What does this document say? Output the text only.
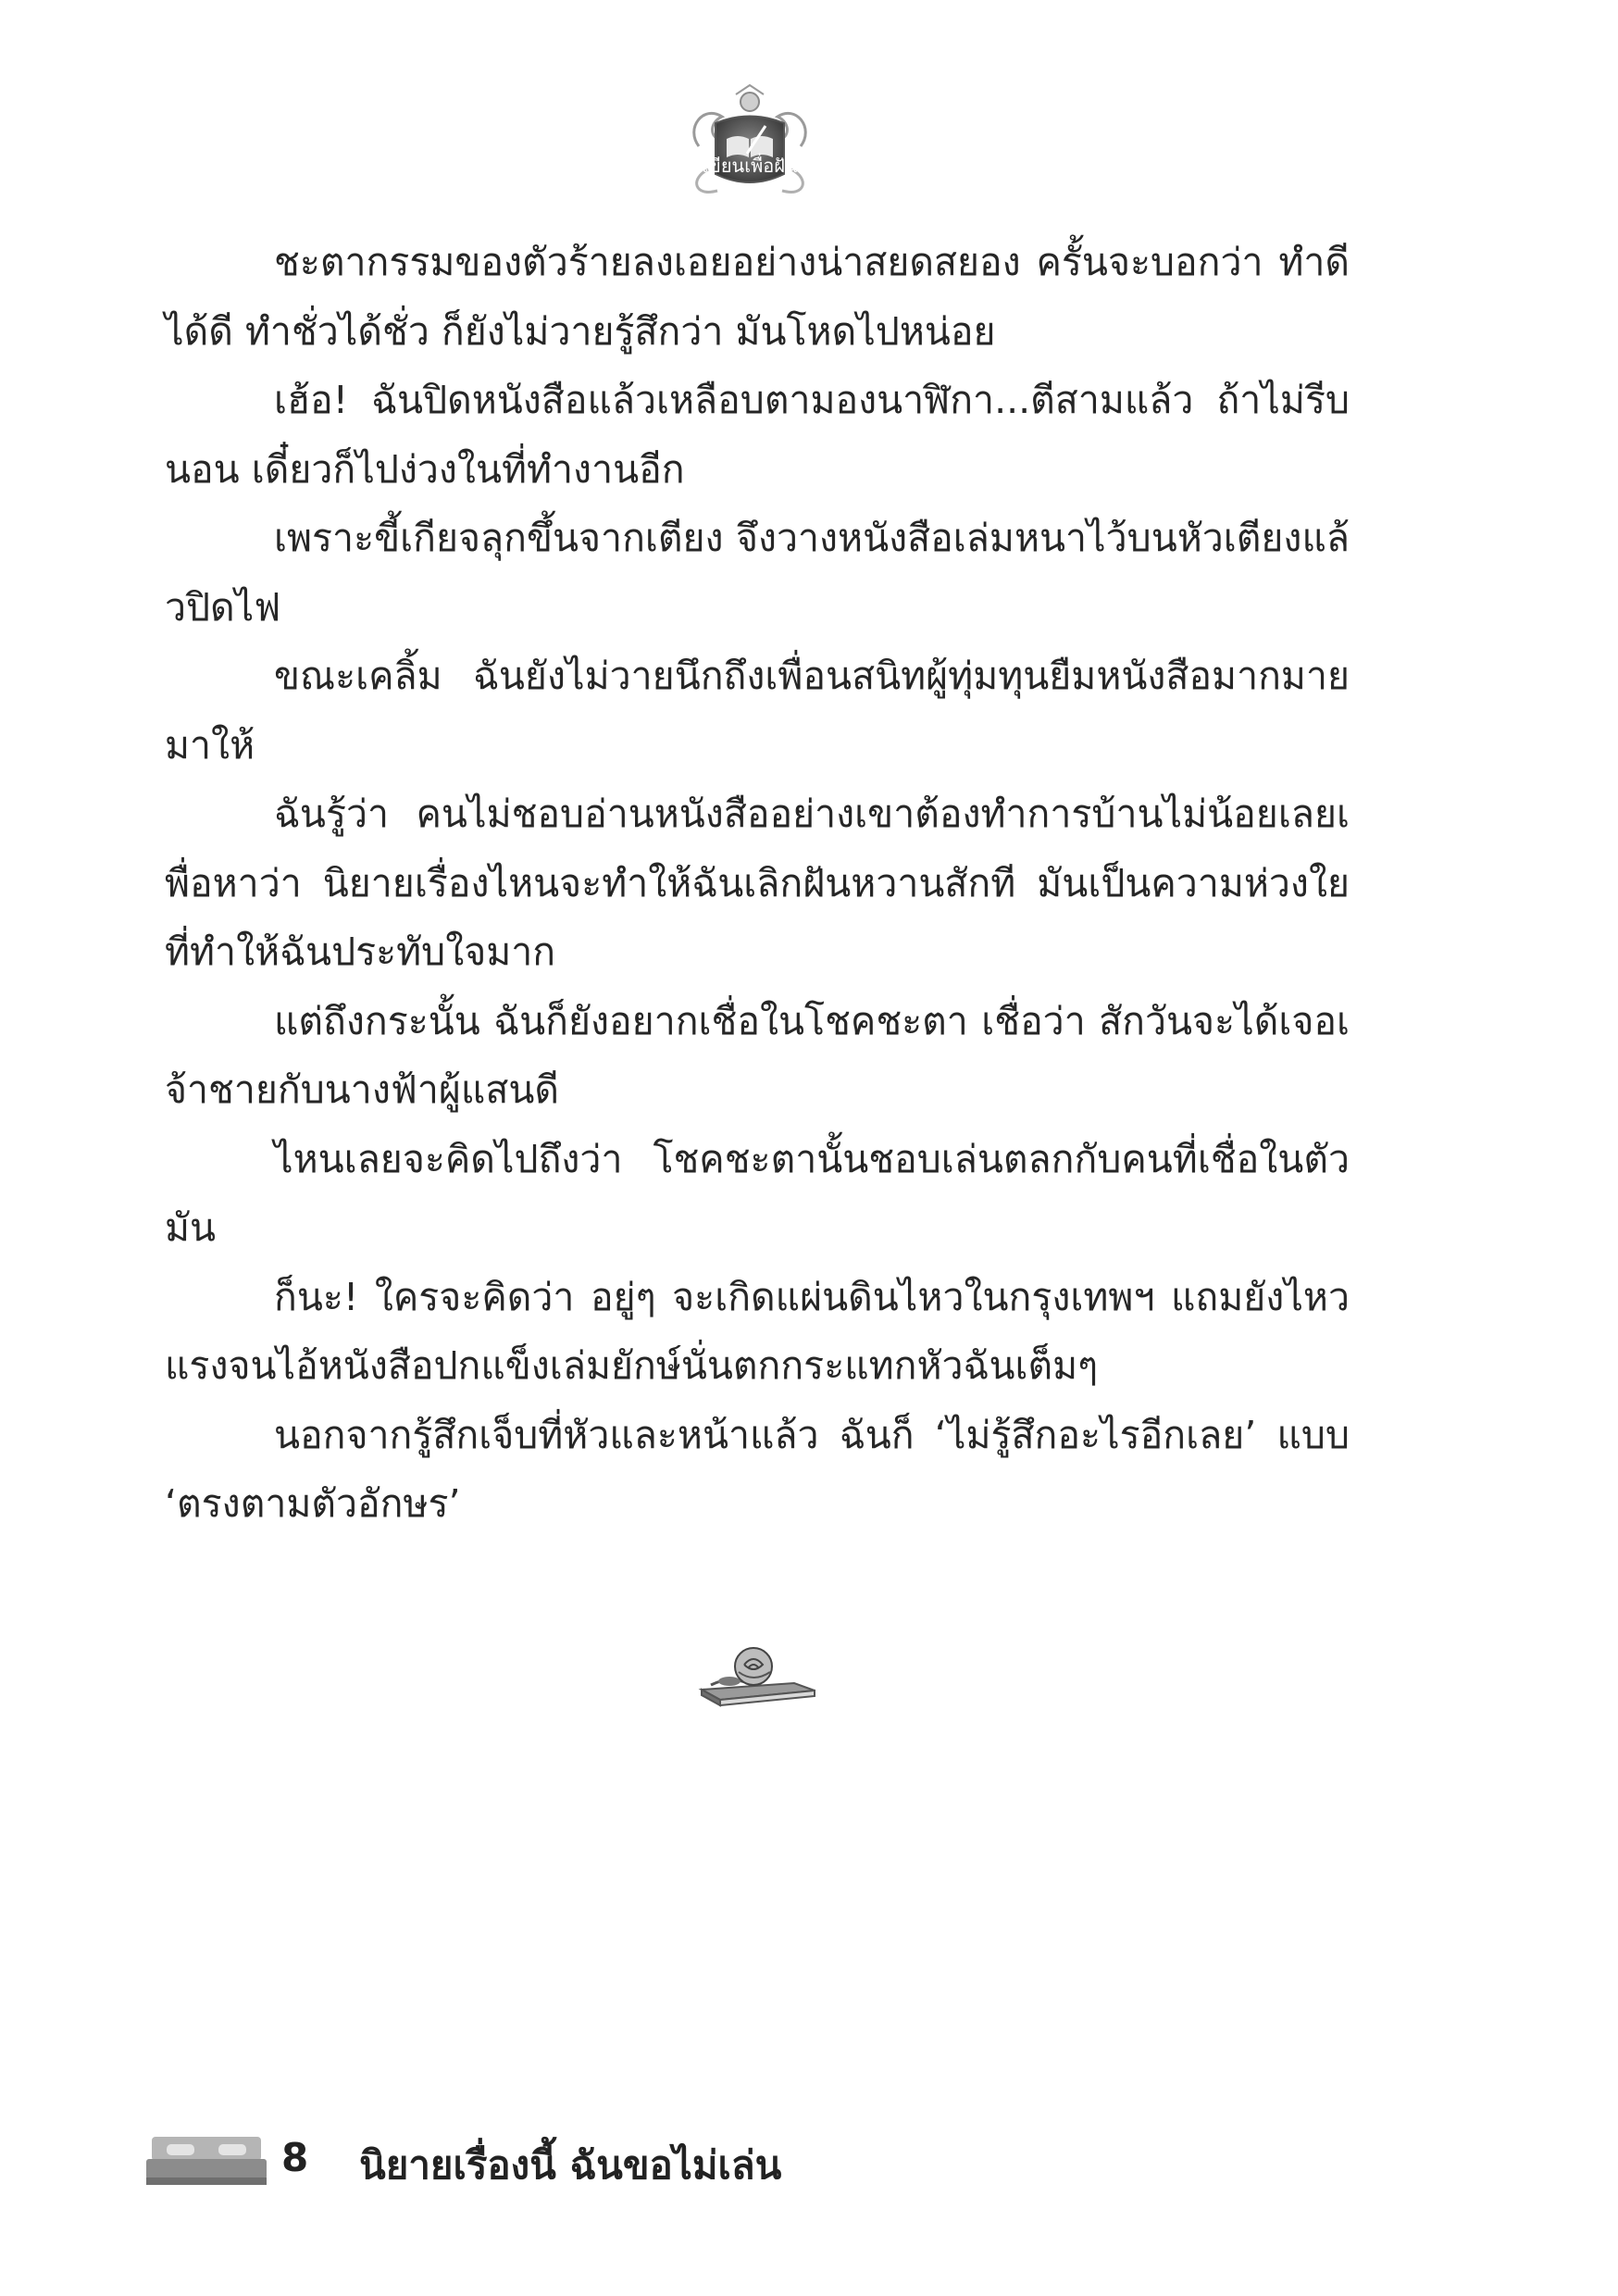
เขียนเพื่อฝัน

ชะตากรรมของตัวร้ายลงเอยอย่างน่าสยดสยอง ครั้นจะบอกว่า ทำดีได้ดี ทำชั่วได้ชั่ว ก็ยังไม่วายรู้สึกว่า มันโหดไปหน่อย

เฮ้อ! ฉันปิดหนังสือแล้วเหลือบตามองนาฬิกา...ตีสามแล้ว ถ้าไม่รีบนอน เดี๋ยวก็ไปง่วงในที่ทำงานอีก

เพราะขี้เกียจลุกขึ้นจากเตียง จึงวางหนังสือเล่มหนาไว้บนหัวเตียงแล้วปิดไฟ

ขณะเคลิ้ม ฉันยังไม่วายนึกถึงเพื่อนสนิทผู้ทุ่มทุนยืมหนังสือมากมายมาให้

ฉันรู้ว่า คนไม่ชอบอ่านหนังสืออย่างเขาต้องทำการบ้านไม่น้อยเลยเพื่อหาว่า นิยายเรื่องไหนจะทำให้ฉันเลิกฝันหวานสักที มันเป็นความห่วงใยที่ทำให้ฉันประทับใจมาก

แต่ถึงกระนั้น ฉันก็ยังอยากเชื่อในโชคชะตา เชื่อว่า สักวันจะได้เจอเจ้าชายกับนางฟ้าผู้แสนดี

ไหนเลยจะคิดไปถึงว่า โชคชะตานั้นชอบเล่นตลกกับคนที่เชื่อในตัวมัน

ก็นะ! ใครจะคิดว่า อยู่ๆ จะเกิดแผ่นดินไหวในกรุงเทพฯ แถมยังไหวแรงจนไอ้หนังสือปกแข็งเล่มยักษ์นั่นตกกระแทกหัวฉันเต็มๆ

นอกจากรู้สึกเจ็บที่หัวและหน้าแล้ว ฉันก็ ‘ไม่รู้สึกอะไรอีกเลย’ แบบ ‘ตรงตามตัวอักษร’

8 นิยายเรื่องนี้ ฉันขอไม่เล่น
